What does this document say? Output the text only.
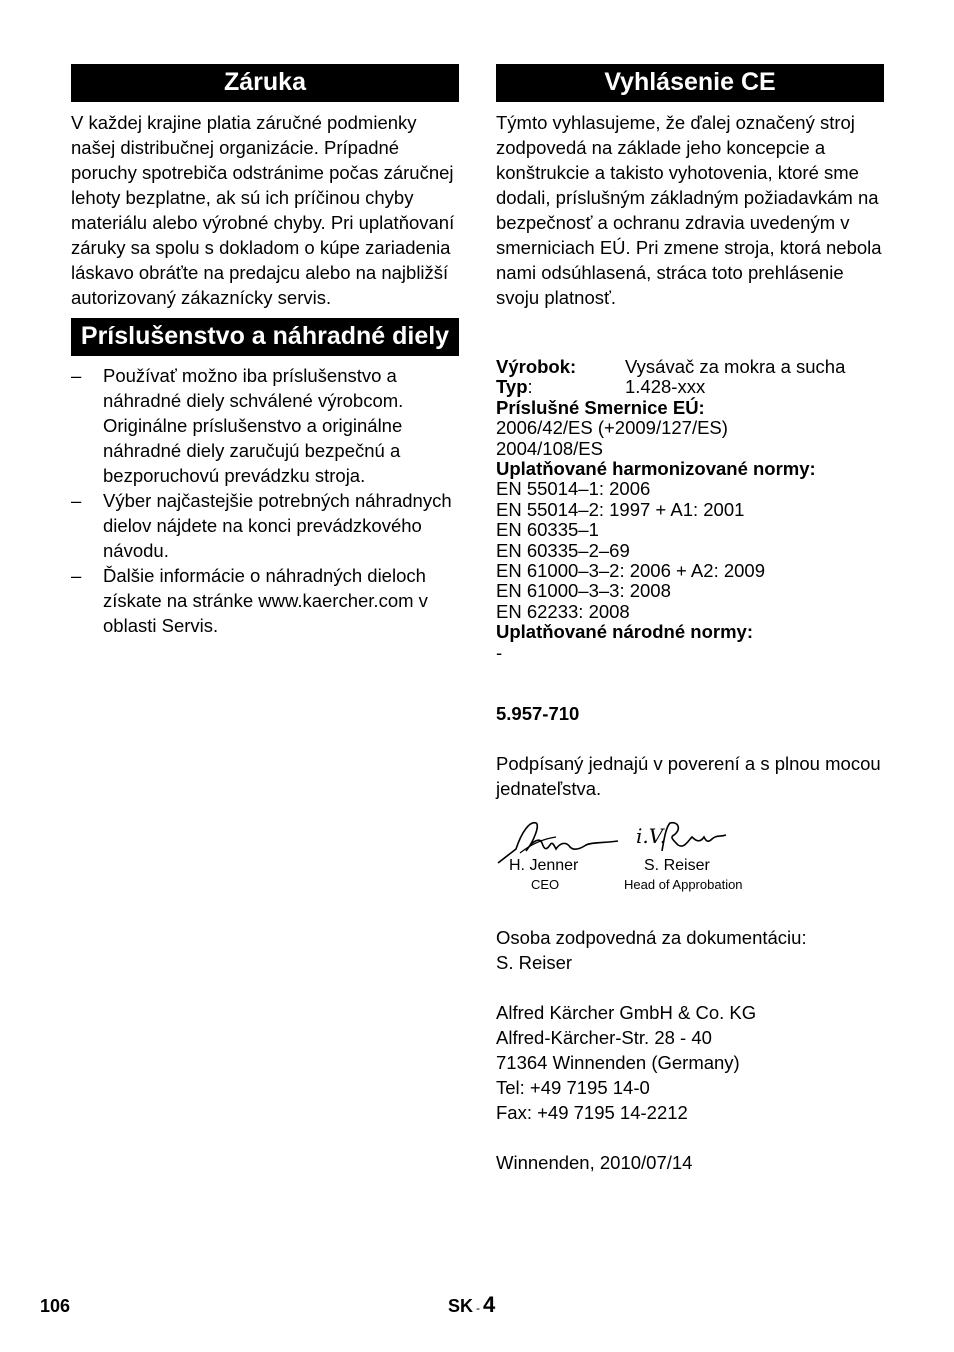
Záruka

V každej krajine platia záručné podmienky našej distribučnej organizácie. Prípadné poruchy spotrebiča odstránime počas záručnej lehoty bezplatne, ak sú ich príčinou chyby materiálu alebo výrobné chyby. Pri uplatňovaní záruky sa spolu s dokladom o kúpe zariadenia láskavo obráťte na predajcu alebo na najbližší autorizovaný zákaznícky servis.

Príslušenstvo a náhradné diely
– Používať možno iba príslušenstvo a náhradné diely schválené výrobcom. Originálne príslušenstvo a originálne náhradné diely zaručujú bezpečnú a bezporuchovú prevádzku stroja.
– Výber najčastejšie potrebných náhradnych dielov nájdete na konci prevádzkového návodu.
– Ďalšie informácie o náhradných dieloch získate na stránke www.kaercher.com v oblasti Servis.
Vyhlásenie CE

Týmto vyhlasujeme, že ďalej označený stroj zodpovedá na základe jeho koncepcie a konštrukcie a takisto vyhotovenia, ktoré sme dodali, príslušným základným požiadavkám na bezpečnosť a ochranu zdravia uvedeným v smerniciach EÚ. Pri zmene stroja, ktorá nebola nami odsúhlasená, stráca toto prehlásenie svoju platnosť.

Výrobok:	Vysávač za mokra a sucha
Typ:	1.428-xxx
Príslušné Smernice EÚ:
2006/42/ES (+2009/127/ES)
2004/108/ES
Uplatňované harmonizované normy:
EN 55014–1: 2006
EN 55014–2: 1997 + A1: 2001
EN 60335–1
EN 60335–2–69
EN 61000–3–2: 2006 + A2: 2009
EN 61000–3–3: 2008
EN 62233: 2008
Uplatňované národné normy:
-
5.957-710

Podpísaný jednajú v poverení a s plnou mocou jednateľstva.

H. Jenner
CEO
i.V.
S. Reiser
Head of Approbation
Osoba zodpovedná za dokumentáciu:
S. Reiser
Alfred Kärcher GmbH & Co. KG
Alfred-Kärcher-Str. 28 - 40
71364 Winnenden (Germany)
Tel: +49 7195 14-0
Fax: +49 7195 14-2212
Winnenden, 2010/07/14
106	SK - 4
